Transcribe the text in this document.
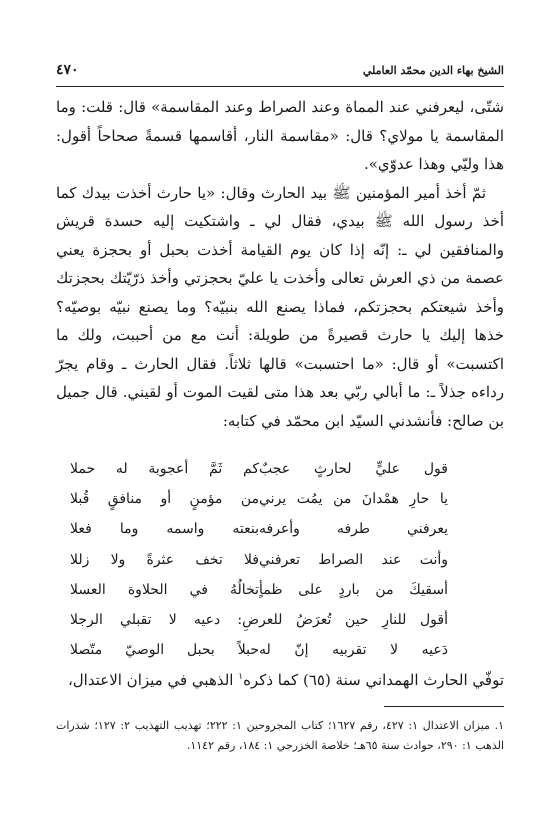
الشيخ بهاء الدين محمّد العاملي
٤٧٠

شتّى، ليعرفني عند المماة وعند الصراط وعند المقاسمة» قال: قلت: وما المقاسمة يا مولاي؟ قال: «مقاسمة النار، أقاسمها قسمةً صحاحاً أقول: هذا وليّي وهذا عدوّي».

ثمّ أخذ أمير المؤمنين ﷺ بيد الحارث وقال: «يا حارث أخذت بيدك كما أخذ رسول الله ﷺ بيدي، فقال لي ـ واشتكيت إليه حسدة قريش والمنافقين لي ـ: إنّه إذا كان يوم القيامة أخذت بحبل أو بحجزة يعني عصمة من ذي العرش تعالى وأخذت يا عليّ بحجزتي وأخذ ذرّيّتك بحجزتك وأخذ شيعتكم بحجزتكم، فماذا يصنع الله بنبيّه؟ وما يصنع نبيّه بوصيّه؟ خذها إليك يا حارث قصيرةً من طويلة: أنت مع من أحببت، ولك ما اكتسبت» أو قال: «ما احتسبت» قالها ثلاثاً. فقال الحارث ـ وقام يجرّ رداءه جذلاً ـ: ما أبالي ربّي بعد هذا متى لقيت الموت أو لقيني. قال جميل بن صالح: فأنشدني السيّد ابن محمّد في كتابه:

قول عليٍّ لحارثٍ عجبٌ
كم ثَمَّ أعجوبة له حملا
يا حارِ همْدانَ من يمُت يرني
من مؤمنٍ أو منافقٍ قُبلا
يعرفني طرفه وأعرفه
بنعته واسمه وما فعلا
وأنت عند الصراط تعرفني
فلا تخف عثرةً ولا زللا
أسقيكَ من باردٍ على ظمأٍ
تخالُهُ في الحلاوة العسلا
أقول للنارِ حين تُعرَضُ للعر
ضِ: دعيه لا تقبلي الرجلا
دَعيه لا تقربيه إنّ له
حبلاً بحبل الوصيّ متّصلا
توفّي الحارث الهمداني سنة (٦٥) كما ذكره$^١$ الذهبي في ميزان الاعتدال،
١. ميزان الاعتدال ١: ٤٢٧، رقم ١٦٢٧؛ كتاب المجروحين ١: ٢٢٢؛ تهذيب التهذيب ٢: ١٢٧؛ شذرات الذهب ١: ٢٩٠، حوادث سنة ٦٥هـ؛ خلاصة الخزرجي ١: ١٨٤، رقم ١١٤٢.
